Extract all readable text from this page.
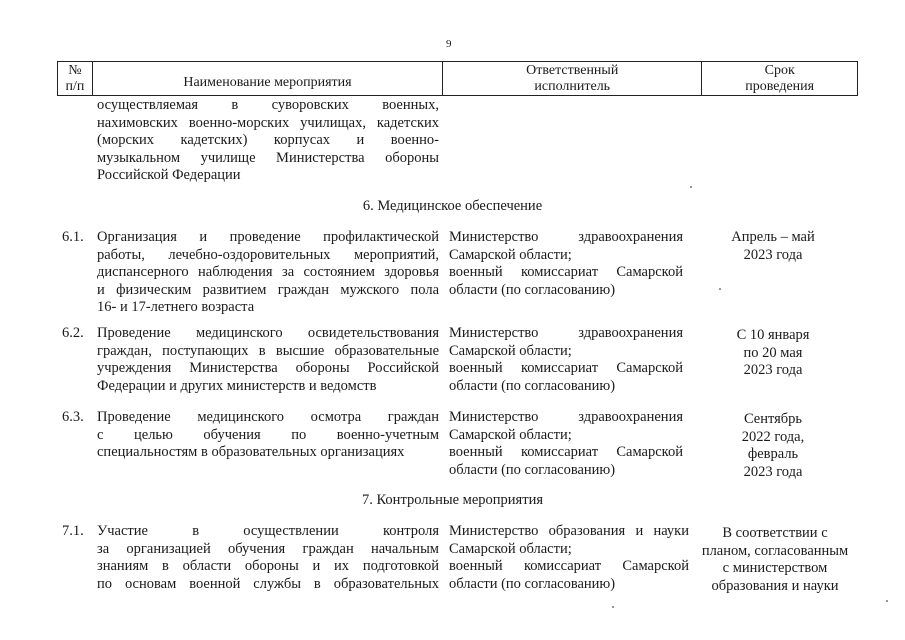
9
№
п/п	Наименование мероприятия
Ответственный
исполнитель
Срок
проведения
осуществляемая в суворовских военных,
нахимовских военно-морских училищах, кадетских
(морских кадетских) корпусах и военно-
музыкальном училище Министерства обороны
Российской Федерации
6. Медицинское обеспечение
6.1. Организация и проведение профилактической
работы, лечебно-оздоровительных мероприятий,
диспансерного наблюдения за состоянием здоровья
и физическим развитием граждан мужского пола
16- и 17-летнего возраста
Министерство здравоохранения
Самарской области;
военный комиссариат Самарской
области (по согласованию)
Апрель – май
2023 года
6.2. Проведение медицинского освидетельствования
граждан, поступающих в высшие образовательные
учреждения Министерства обороны Российской
Федерации и других министерств и ведомств
Министерство здравоохранения
Самарской области;
военный комиссариат Самарской
области (по согласованию)
С 10 января
по 20 мая
2023 года
6.3. Проведение медицинского осмотра граждан
с целью обучения по военно-учетным
специальностям в образовательных организациях
Министерство здравоохранения
Самарской области;
военный комиссариат Самарской
области (по согласованию)
Сентябрь
2022 года,
февраль
2023 года
7. Контрольные мероприятия
7.1. Участие в осуществлении контроля
за организацией обучения граждан начальным
знаниям в области обороны и их подготовкой
по основам военной службы в образовательных
Министерство образования и науки
Самарской области;
военный комиссариат Самарской
области (по согласованию)
В соответствии с
планом, согласованным
с министерством
образования и науки
